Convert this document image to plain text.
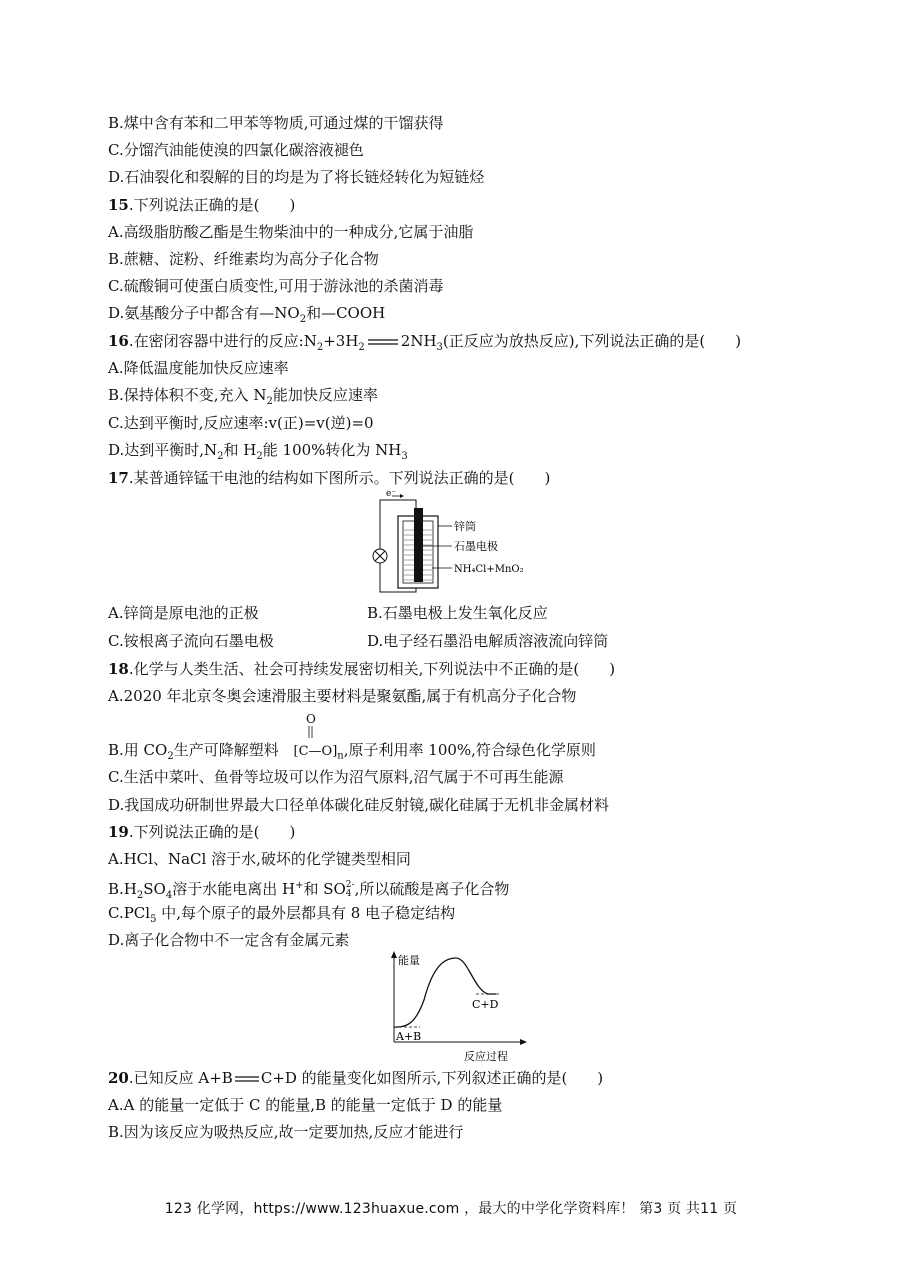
B.煤中含有苯和二甲苯等物质,可通过煤的干馏获得
C.分馏汽油能使溴的四氯化碳溶液褪色
D.石油裂化和裂解的目的均是为了将长链烃转化为短链烃
15.下列说法正确的是(　　)
A.高级脂肪酸乙酯是生物柴油中的一种成分,它属于油脂
B.蔗糖、淀粉、纤维素均为高分子化合物
C.硫酸铜可使蛋白质变性,可用于游泳池的杀菌消毒
D.氨基酸分子中都含有$—NO_2$和—COOH
16.在密闭容器中进行的反应$:N_2+3H_2$ $2NH_3$(正反应为放热反应),下列说法正确的是(　　)
A.降低温度能加快反应速率
B.保持体积不变,充入 $N_2$能加快反应速率
C.达到平衡时,反应速率:v(正)=v(逆)=0
D.达到平衡时$,N_2$和 $H_2$能 100%转化为 $NH_3$
17.某普通锌锰干电池的结构如下图所示。下列说法正确的是(　　)
e⁻
锌筒
石墨电极
NH₄Cl+MnO₂
A.锌筒是原电池的正极	B.石墨电极上发生氧化反应
C.铵根离子流向石墨电极	D.电子经石墨沿电解质溶液流向锌筒
18.化学与人类生活、社会可持续发展密切相关,下列说法中不正确的是(　　)
A.2020 年北京冬奥会速滑服主要材料是聚氨酯,属于有机高分子化合物
O
B.用 $CO_2$生产可降解塑料 $[C—O]_n$,原子利用率 100%,符合绿色化学原则
C.生活中菜叶、鱼骨等垃圾可以作为沼气原料,沼气属于不可再生能源
D.我国成功研制世界最大口径单体碳化硅反射镜,碳化硅属于无机非金属材料
19.下列说法正确的是(　　)
A.HCl、NaCl 溶于水,破坏的化学键类型相同
$B.H_2SO_4$溶于水能电离出 H+和 SO2-
4 ,所以硫酸是离子化合物
C.PCl$_5$ 中,每个原子的最外层都具有 8 电子稳定结构
D.离子化合物中不一定含有金属元素
能量
C+D
A+B
反应过程
20.已知反应 A+B C+D 的能量变化如图所示,下列叙述正确的是(　　)
A.A 的能量一定低于 C 的能量,B 的能量一定低于 D 的能量
B.因为该反应为吸热反应,故一定要加热,反应才能进行
123 化学网，https://www.123huaxue.com ，最大的中学化学资料库！ 第3 页 共11 页
